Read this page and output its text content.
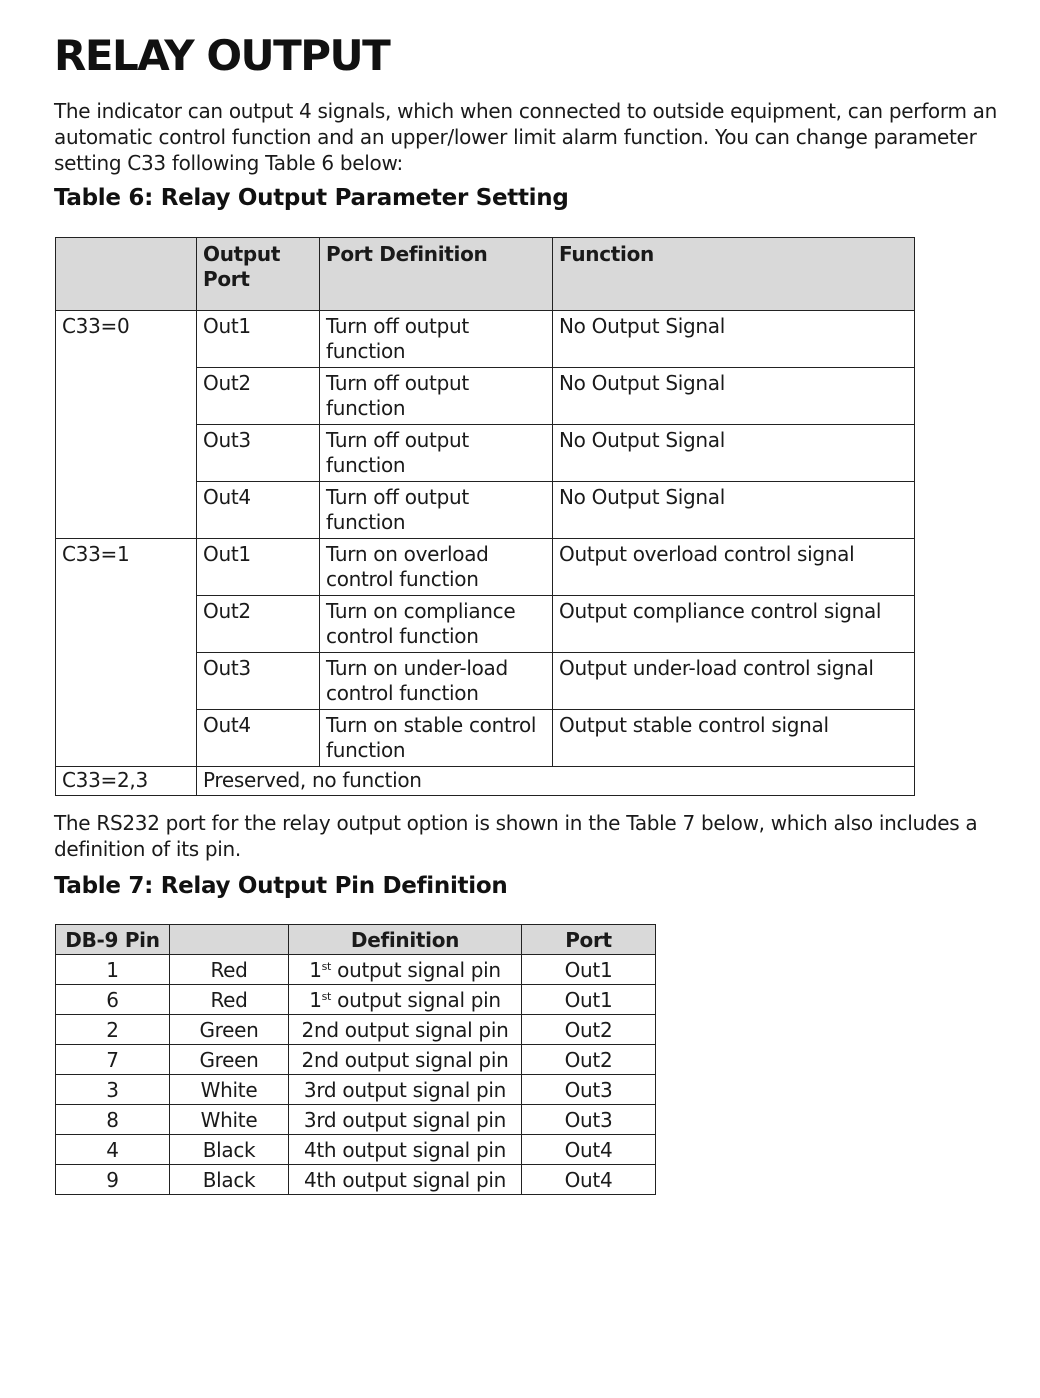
RELAY OUTPUT

The indicator can output 4 signals, which when connected to outside equipment, can perform an automatic control function and an upper/lower limit alarm function. You can change parameter setting C33 following Table 6 below:

Table 6: Relay Output Parameter Setting
	Output Port	Port Definition	Function
C33=0	Out1	Turn off output function	No Output Signal
	Out2	Turn off output function	No Output Signal
	Out3	Turn off output function	No Output Signal
	Out4	Turn off output function	No Output Signal
C33=1	Out1	Turn on overload control function	Output overload control signal
	Out2	Turn on compliance control function	Output compliance control signal
	Out3	Turn on under-load control function	Output under-load control signal
	Out4	Turn on stable control function	Output stable control signal
C33=2,3	Preserved, no function		

The RS232 port for the relay output option is shown in the Table 7 below, which also includes a definition of its pin.

Table 7: Relay Output Pin Definition
DB-9 Pin		Definition	Port
1	Red	1st output signal pin	Out1
6	Red	1st output signal pin	Out1
2	Green	2nd output signal pin	Out2
7	Green	2nd output signal pin	Out2
3	White	3rd output signal pin	Out3
8	White	3rd output signal pin	Out3
4	Black	4th output signal pin	Out4
9	Black	4th output signal pin	Out4
